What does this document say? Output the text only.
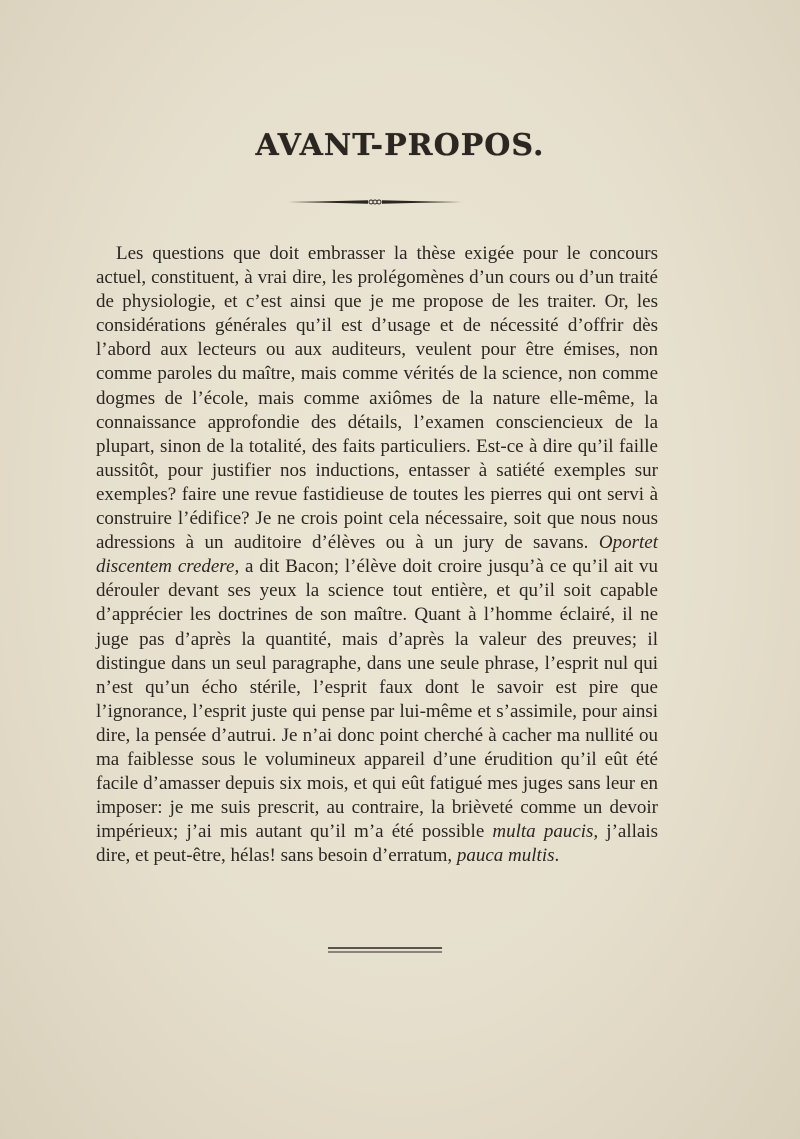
AVANT-PROPOS.

Les questions que doit embrasser la thèse exigée pour le concours actuel, constituent, à vrai dire, les prolégomènes d’un cours ou d’un traité de physiologie, et c’est ainsi que je me propose de les traiter. Or, les considérations générales qu’il est d’usage et de nécessité d’offrir dès l’abord aux lecteurs ou aux auditeurs, veulent pour être émises, non comme paroles du maître, mais comme vérités de la science, non comme dogmes de l’école, mais comme axiômes de la nature elle-même, la connaissance approfondie des détails, l’examen consciencieux de la plupart, sinon de la totalité, des faits particuliers. Est-ce à dire qu’il faille aussitôt, pour justifier nos inductions, entasser à satiété exemples sur exemples? faire une revue fastidieuse de toutes les pierres qui ont servi à construire l’édifice? Je ne crois point cela nécessaire, soit que nous nous adressions à un auditoire d’élèves ou à un jury de savans. Oportet discentem credere, a dit Bacon; l’élève doit croire jusqu’à ce qu’il ait vu dérouler devant ses yeux la science tout entière, et qu’il soit capable d’apprécier les doctrines de son maître. Quant à l’homme éclairé, il ne juge pas d’après la quantité, mais d’après la valeur des preuves; il distingue dans un seul paragraphe, dans une seule phrase, l’esprit nul qui n’est qu’un écho stérile, l’esprit faux dont le savoir est pire que l’ignorance, l’esprit juste qui pense par lui-même et s’assimile, pour ainsi dire, la pensée d’autrui. Je n’ai donc point cherché à cacher ma nullité ou ma faiblesse sous le volumineux appareil d’une érudition qu’il eût été facile d’amasser depuis six mois, et qui eût fatigué mes juges sans leur en imposer: je me suis prescrit, au contraire, la brièveté comme un devoir impérieux; j’ai mis autant qu’il m’a été possible multa paucis, j’allais dire, et peut-être, hélas! sans besoin d’erratum, pauca multis.
